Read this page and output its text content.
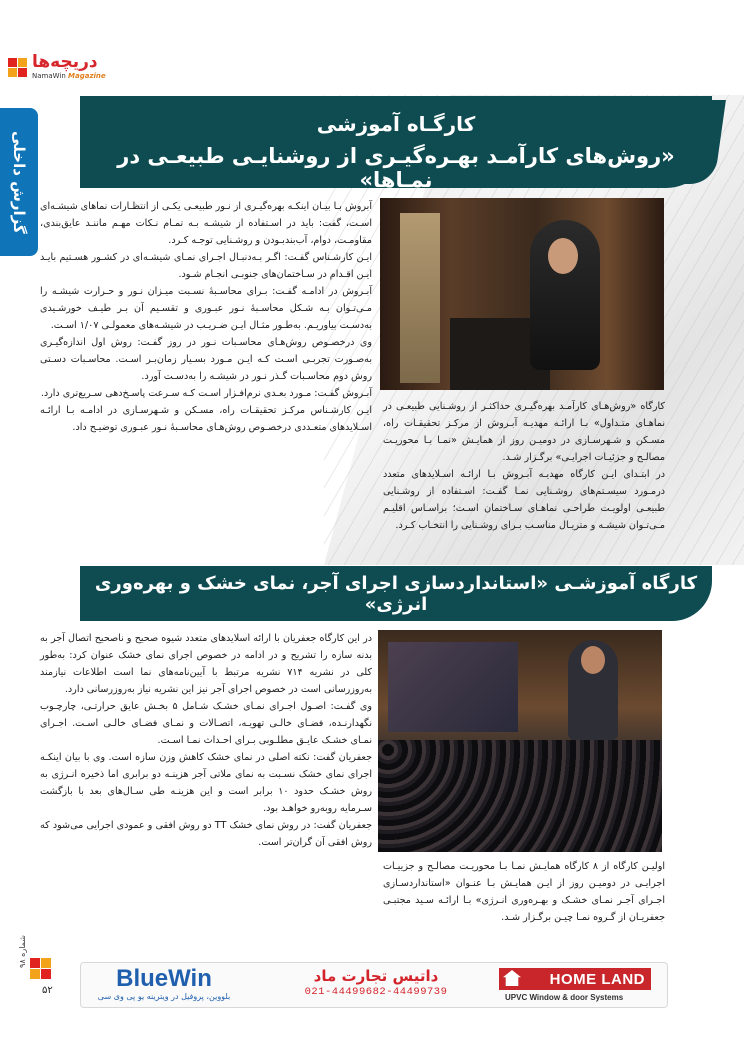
دریچه‌ها
NamaWin Magazine
گزارش داخلی
کارگـاه آموزشی
«روش‌های کارآمـد بهـره‌گیـری از روشنایـی طبیعـی در نمـاها»

آبروش بـا بیـان اینکـه بهره‌گیـری از نـور طبیعـی یکـی از انتظـارات نماهای شیشـه‌ای اسـت، گفت: باید در اسـتفاده از شیشـه بـه تمـام نـکات مهـم ماننـد عایق‌بندی، مقاومـت، دوام، آب‌بندبـودن و روشـنایی توجـه کـرد.

ایـن کارشـناس گفـت: اگـر بـه‌دنبـال اجـرای نمـای شیشـه‌ای در کشـور هسـتیم بایـد ایـن اقـدام در سـاختمان‌های جنوبـی انجـام شـود.

آبـروش در ادامـه گفـت: بـرای محاسـبهٔ نسـبت میـزان نـور و حـرارت شیشـه را مـی‌تـوان بـه شـکل محاسـبهٔ نـور عبـوری و تقسـیم آن بـر طیـف خورشـیدی به‌دسـت بیاوریـم. به‌طـور مثـال ایـن ضـریـب در شیشـه‌های معمولـی ۱/۰۷ اسـت.

وی درخصـوص روش‌هـای محاسـبات نـور در روز گفـت: روش اول اندازه‌گیـری به‌صـورت تجربـی اسـت کـه ایـن مـورد بسـیار زمان‌بـر اسـت. محاسـبات دسـتی روش دوم محاسـبات گـذر نـور در شیشـه را به‌دسـت آورد.

آبـروش گفـت: مـورد بعـدی نرم‌افـزار اسـت کـه سـرعت پاسـخ‌دهی سـریع‌تری دارد.

ایـن کارشـناس مرکـز تحقیقـات راه، مسـکن و شـهرسـازی در ادامـه بـا ارائـه اسـلایدهای متعـددی درخصـوص روش‌هـای محاسـبهٔ نـور عبـوری توضیـح داد.

کارگاه «روش‌هـای کارآمـد بهره‌گیـری حداکثـر از روشـنایی طبیعـی در نماهـای متـداول» بـا ارائـه مهدیـه آبـروش از مرکـز تحقیقـات راه، مسـکن و شـهرسـازی در دومیـن روز از همایـش «نمـا بـا محوریـت مصالـح و جزئیـات اجرایـی» برگـزار شـد.

در ابتـدای ایـن کارگاه مهدیـه آبـروش بـا ارائـه اسـلایدهای متعدد درمـورد سیسـتم‌های روشـنایی نمـا گفـت: اسـتفاده از روشـنایی طبیعـی اولویـت طراحـی نماهـای سـاختمان اسـت؛ براسـاس اقلیـم مـی‌تـوان شیشـه و متریـال مناسـب بـرای روشـنایی را انتخـاب کـرد.

کارگاه آموزشـی «استانداردسازی اجرای آجر، نمای خشک و بهره‌وری انرژی»

در این کارگاه جعفریان با ارائه اسلایدهای متعدد شیوه صحیح و ناصحیح اتصال آجر به بدنه سازه را تشریح و در ادامه در خصوص اجرای نمای خشک عنوان کرد: به‌طور کلی در نشریه ۷۱۴ نشریه مرتبط با آیین‌نامه‌های نما است اطلاعات نیازمند به‌روزرسانی است در خصوص اجرای آجر نیز این نشریه نیاز به‌روزرسانی دارد.

وی گفـت: اصـول اجـرای نمـای خشـک شـامل ۵ بخـش عایق حرارتـی، چارچـوب نگهدارنـده، فضـای خالـی تهویـه، اتصـالات و نمـای فضـای خالـی اسـت. اجـرای نمـای خشـک عایـق مطلـوبی بـرای احـداث نمـا اسـت.

جعفریان گفت: نکته اصلی در نمای خشک کاهش وزن سازه است. وی با بیان اینکـه اجرای نمای خشک نسـبت به نمای ملاتی آجر هزینـه دو برابری اما ذخیره انـرژی به روش خشـک حدود ۱۰ برابر است و این هزینـه طی سـال‌های بعد با بازگشت سـرمایه روبه‌رو خواهـد بود.

جعفریان گفت: در روش نمای خشک TT دو روش افقی و عمودی اجرایی می‌شود که روش افقی آن گران‌تر است.

اولیـن کارگاه از ۸ کارگاه همایـش نمـا بـا محوریـت مصالـح و جزییـات اجرایـی در دومیـن روز از ایـن همایـش بـا عنـوان «استانداردسـازی اجـرای آجـر نمـای خشـک و بهـره‌وری انـرژی» بـا ارائـه سـید مجتبـی جعفریـان از گـروه نمـا چیـن برگـزار شـد.

شماره ۹۸
۵۲	BlueWin
بلووین، پروفیل در ویترینه یو پی وی سی
داتیس تجارت ماد
021-44499682-44499739
HOME LAND
UPVC Window & door Systems
